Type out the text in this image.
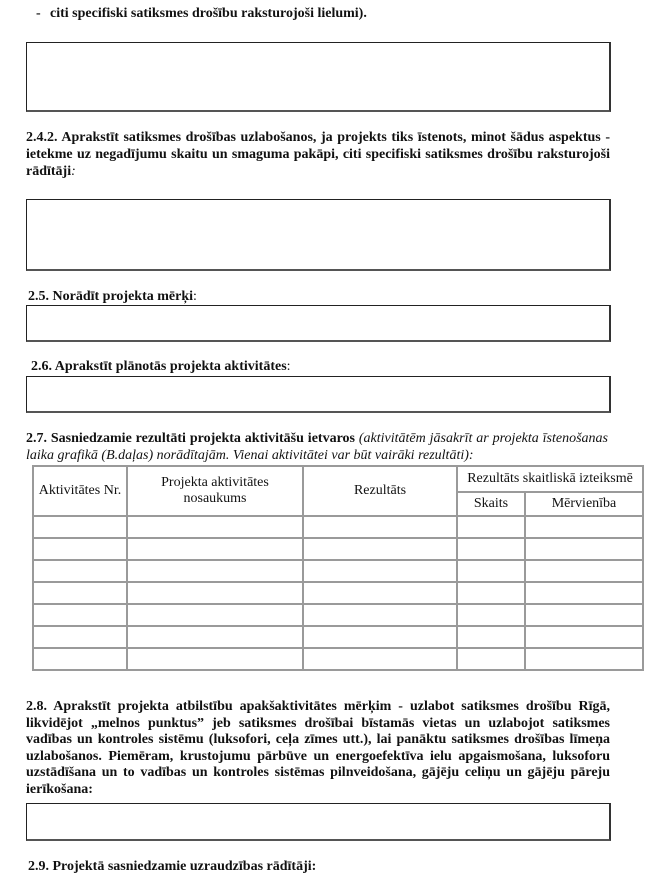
- citi specifiski satiksmes drošību raksturojoši lielumi).
2.4.2. Aprakstīt satiksmes drošības uzlabošanos, ja projekts tiks īstenots, minot šādus aspektus - ietekme uz negadījumu skaitu un smaguma pakāpi, citi specifiski satiksmes drošību raksturojoši rādītāji:
2.5. Norādīt projekta mērķi:
2.6. Aprakstīt plānotās projekta aktivitātes:
2.7. Sasniedzamie rezultāti projekta aktivitāšu ietvaros (aktivitātēm jāsakrīt ar projekta īstenošanas laika grafikā (B.daļas) norādītajām. Vienai aktivitātei var būt vairāki rezultāti):
Aktivitātes Nr.	Projekta aktivitātes nosaukums	Rezultāts	Rezultāts skaitliskā izteiksmē	
			Skaits	Mērvienība

2.8. Aprakstīt projekta atbilstību apakšaktivitātes mērķim - uzlabot satiksmes drošību Rīgā, likvidējot „melnos punktus” jeb satiksmes drošībai bīstamās vietas un uzlabojot satiksmes vadības un kontroles sistēmu (luksofori, ceļa zīmes utt.), lai panāktu satiksmes drošības līmeņa uzlabošanos. Piemēram, krustojumu pārbūve un energoefektīva ielu apgaismošana, luksoforu uzstādīšana un to vadības un kontroles sistēmas pilnveidošana, gājēju celiņu un gājēju pāreju ierīkošana:
2.9. Projektā sasniedzamie uzraudzības rādītāji:
